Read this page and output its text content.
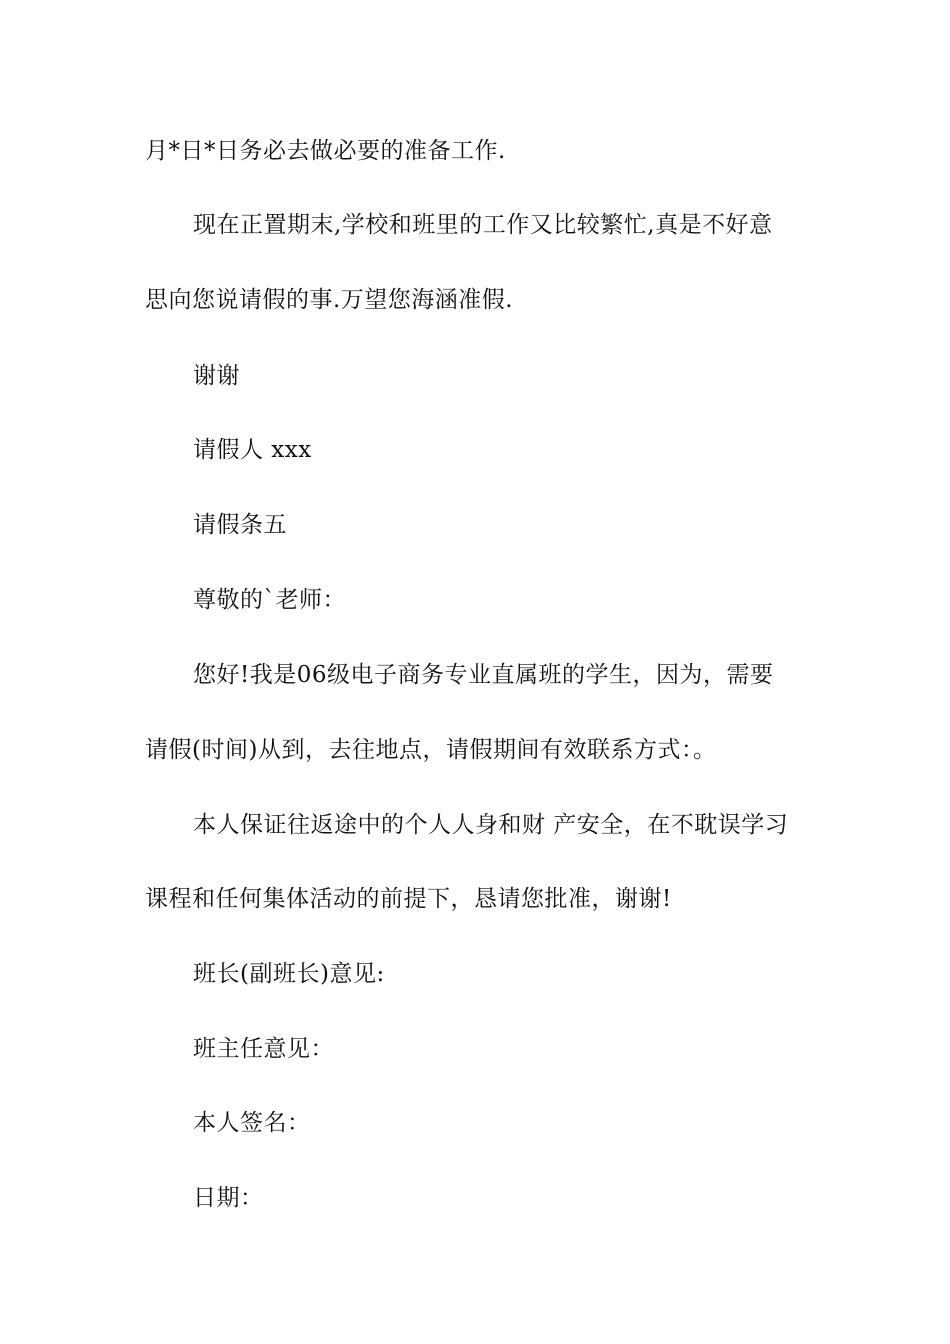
月*日*日务必去做必要的准备工作.
现在正置期末,学校和班里的工作又比较繁忙,真是不好意
思向您说请假的事.万望您海涵准假.
谢谢
请假人 xxx
请假条五
尊敬的`老师：
您好!我是06级电子商务专业直属班的学生，因为，需要
请假(时间)从到，去往地点，请假期间有效联系方式：。
本人保证往返途中的个人人身和财 产安全，在不耽误学习
课程和任何集体活动的前提下，恳请您批准，谢谢!
班长(副班长)意见:
班主任意见：
本人签名：
日期：
